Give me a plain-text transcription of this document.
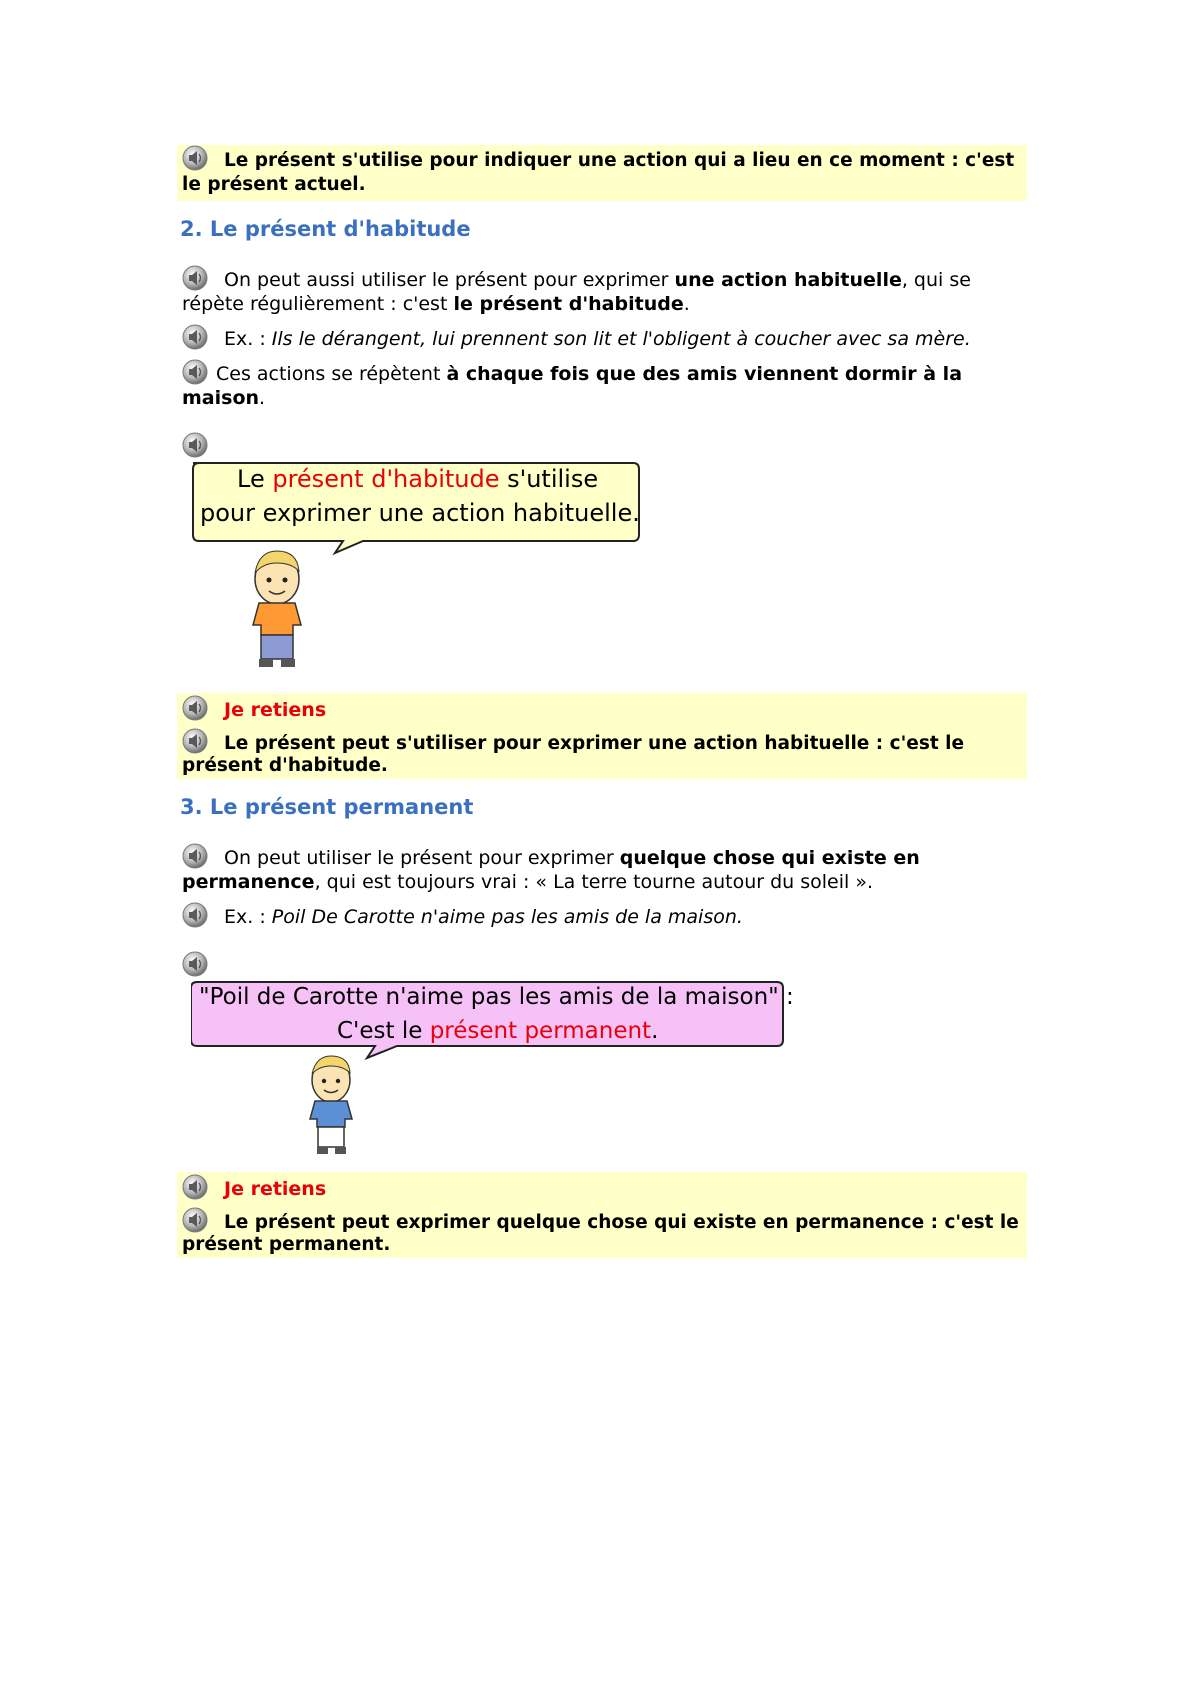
Le présent s'utilise pour indiquer une action qui a lieu en ce moment : c'est le présent actuel.
2. Le présent d'habitude
On peut aussi utiliser le présent pour exprimer une action habituelle, qui se répète régulièrement : c'est le présent d'habitude.
Ex. : Ils le dérangent, lui prennent son lit et l'obligent à coucher avec sa mère.
Ces actions se répètent à chaque fois que des amis viennent dormir à la maison.
Le présent d'habitude s'utilise
pour exprimer une action habituelle.
Je retiens
Le présent peut s'utiliser pour exprimer une action habituelle : c'est le présent d'habitude.
3. Le présent permanent
On peut utiliser le présent pour exprimer quelque chose qui existe en permanence, qui est toujours vrai : « La terre tourne autour du soleil ».
Ex. : Poil De Carotte n'aime pas les amis de la maison.
"Poil de Carotte n'aime pas les amis de la maison" :
C'est le présent permanent.
Je retiens
Le présent peut exprimer quelque chose qui existe en permanence : c'est le présent permanent.
